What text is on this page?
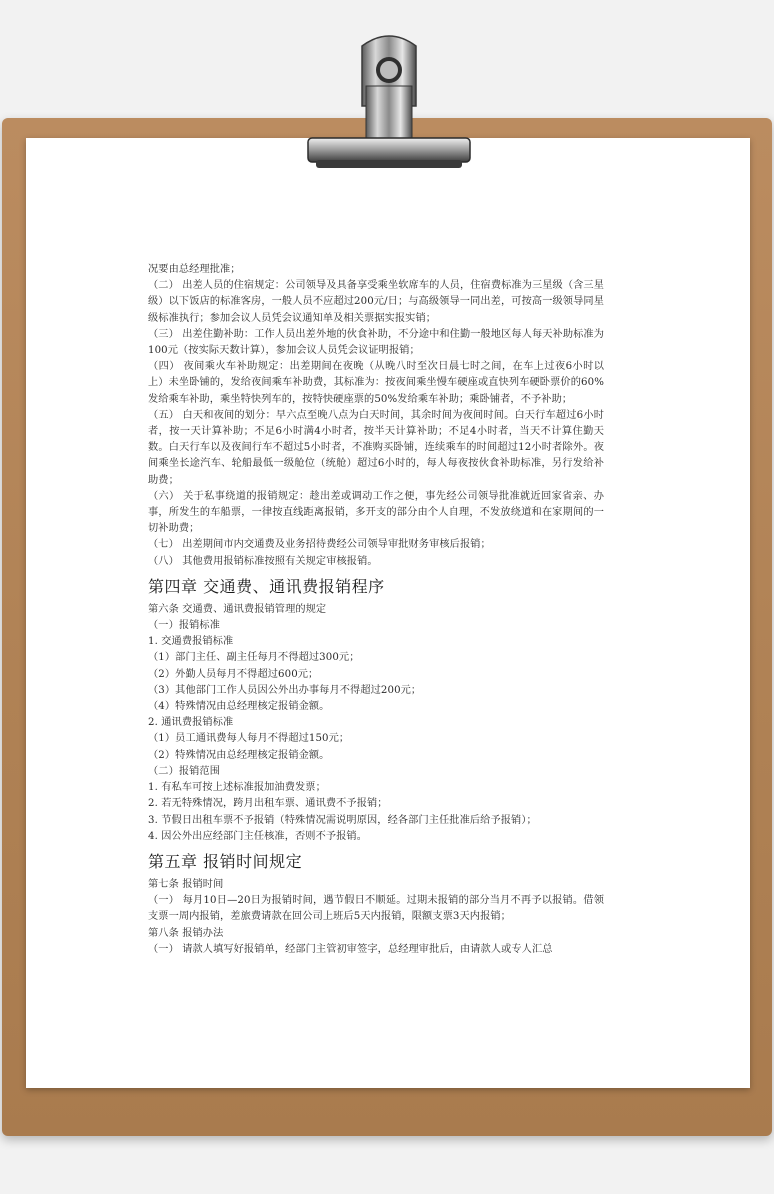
况要由总经理批准；

（二） 出差人员的住宿规定：公司领导及具备享受乘坐软席车的人员，住宿费标准为三星级（含三星级）以下饭店的标准客房，一般人员不应超过200元/日；与高级领导一同出差，可按高一级领导同星级标准执行；参加会议人员凭会议通知单及相关票据实报实销；

（三） 出差住勤补助：工作人员出差外地的伙食补助，不分途中和住勤一般地区每人每天补助标准为100元（按实际天数计算），参加会议人员凭会议证明报销；

（四） 夜间乘火车补助规定：出差期间在夜晚（从晚八时至次日晨七时之间，在车上过夜6小时以上）未坐卧铺的，发给夜间乘车补助费，其标准为：按夜间乘坐慢车硬座或直快列车硬卧票价的60%发给乘车补助，乘坐特快列车的，按特快硬座票的50%发给乘车补助；乘卧铺者，不予补助；

（五） 白天和夜间的划分：早六点至晚八点为白天时间，其余时间为夜间时间。白天行车超过6小时者，按一天计算补助；不足6小时满4小时者，按半天计算补助；不足4小时者，当天不计算住勤天数。白天行车以及夜间行车不超过5小时者，不准购买卧铺，连续乘车的时间超过12小时者除外。夜间乘坐长途汽车、轮船最低一级舱位（统舱）超过6小时的，每人每夜按伙食补助标准，另行发给补助费；

（六） 关于私事绕道的报销规定：趁出差或调动工作之便，事先经公司领导批准就近回家省亲、办事，所发生的车船票，一律按直线距离报销，多开支的部分由个人自理，不发放绕道和在家期间的一切补助费；

（七） 出差期间市内交通费及业务招待费经公司领导审批财务审核后报销；

（八） 其他费用报销标准按照有关规定审核报销。

第四章 交通费、通讯费报销程序

第六条 交通费、通讯费报销管理的规定

（一）报销标准

1. 交通费报销标准

（1）部门主任、副主任每月不得超过300元；

（2）外勤人员每月不得超过600元；

（3）其他部门工作人员因公外出办事每月不得超过200元；

（4）特殊情况由总经理核定报销金额。

2. 通讯费报销标准

（1）员工通讯费每人每月不得超过150元；

（2）特殊情况由总经理核定报销金额。

（二）报销范围

1. 有私车可按上述标准报加油费发票；

2. 若无特殊情况，跨月出租车票、通讯费不予报销；

3. 节假日出租车票不予报销（特殊情况需说明原因，经各部门主任批准后给予报销）；

4. 因公外出应经部门主任核准，否则不予报销。

第五章 报销时间规定

第七条 报销时间

（一） 每月10日—20日为报销时间，遇节假日不顺延。过期未报销的部分当月不再予以报销。借领支票一周内报销，差旅费请款在回公司上班后5天内报销，限额支票3天内报销；

第八条 报销办法

（一） 请款人填写好报销单，经部门主管初审签字，总经理审批后，由请款人或专人汇总
